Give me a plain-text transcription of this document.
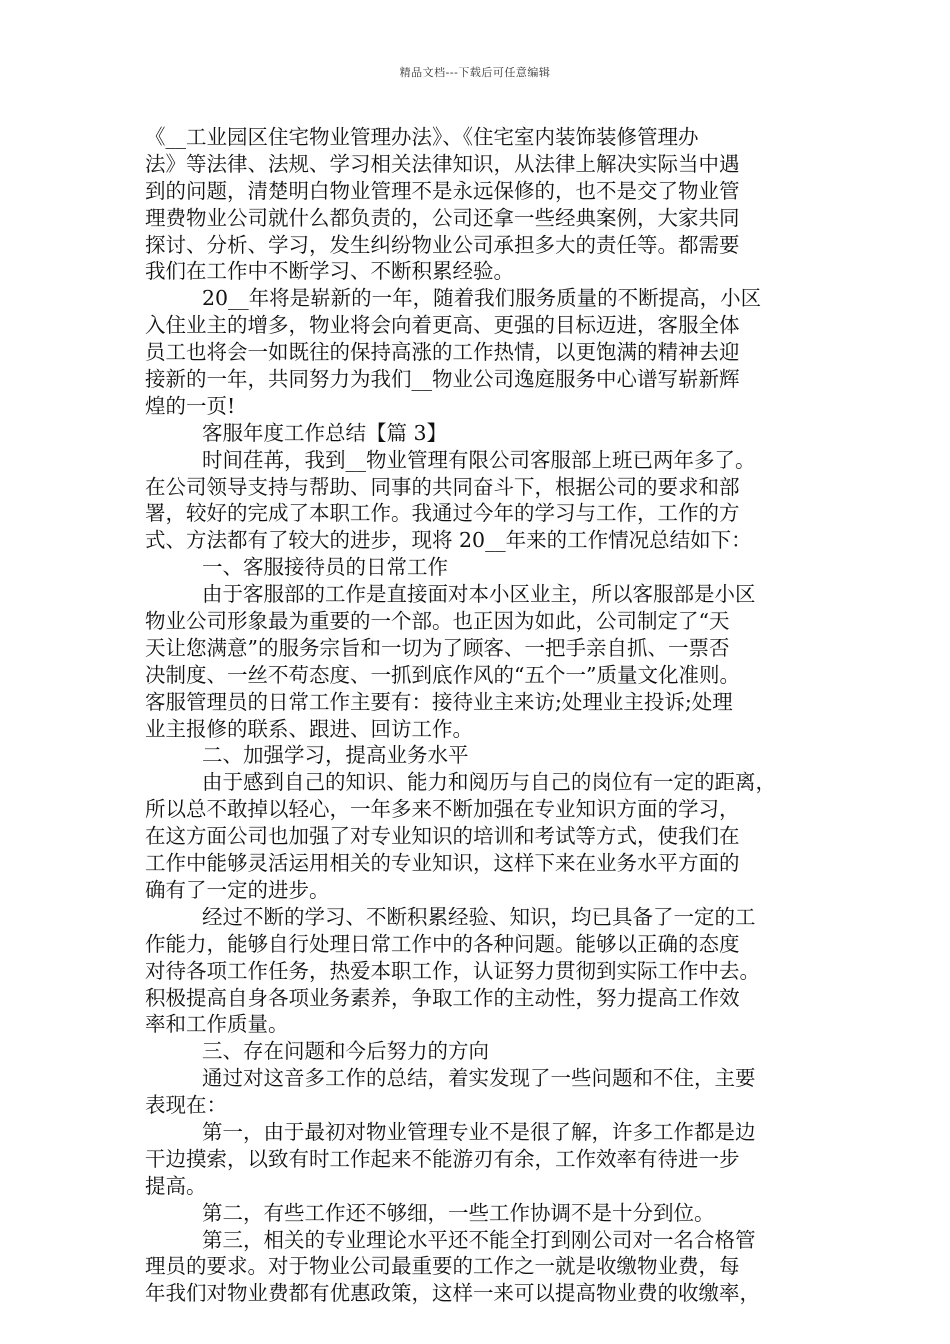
精品文档---下载后可任意编辑
《__工业园区住宅物业管理办法》、《住宅室内装饰装修管理办
法》等法律、法规、学习相关法律知识，从法律上解决实际当中遇
到的问题，清楚明白物业管理不是永远保修的，也不是交了物业管
理费物业公司就什么都负责的，公司还拿一些经典案例，大家共同
探讨、分析、学习，发生纠纷物业公司承担多大的责任等。都需要
我们在工作中不断学习、不断积累经验。
20__年将是崭新的一年，随着我们服务质量的不断提高，小区
入住业主的增多，物业将会向着更高、更强的目标迈进，客服全体
员工也将会一如既往的保持高涨的工作热情，以更饱满的精神去迎
接新的一年，共同努力为我们__物业公司逸庭服务中心谱写崭新辉
煌的一页!
客服年度工作总结【篇 3】
时间荏苒，我到__物业管理有限公司客服部上班已两年多了。
在公司领导支持与帮助、同事的共同奋斗下，根据公司的要求和部
署，较好的完成了本职工作。我通过今年的学习与工作，工作的方
式、方法都有了较大的进步，现将 20__年来的工作情况总结如下：
一、客服接待员的日常工作
由于客服部的工作是直接面对本小区业主，所以客服部是小区
物业公司形象最为重要的一个部。也正因为如此，公司制定了“天
天让您满意”的服务宗旨和一切为了顾客、一把手亲自抓、一票否
决制度、一丝不苟态度、一抓到底作风的“五个一”质量文化准则。
客服管理员的日常工作主要有：接待业主来访;处理业主投诉;处理
业主报修的联系、跟进、回访工作。
二、加强学习，提高业务水平
由于感到自己的知识、能力和阅历与自己的岗位有一定的距离，
所以总不敢掉以轻心，一年多来不断加强在专业知识方面的学习，
在这方面公司也加强了对专业知识的培训和考试等方式，使我们在
工作中能够灵活运用相关的专业知识，这样下来在业务水平方面的
确有了一定的进步。
经过不断的学习、不断积累经验、知识，均已具备了一定的工
作能力，能够自行处理日常工作中的各种问题。能够以正确的态度
对待各项工作任务，热爱本职工作，认证努力贯彻到实际工作中去。
积极提高自身各项业务素养，争取工作的主动性，努力提高工作效
率和工作质量。
三、存在问题和今后努力的方向
通过对这音多工作的总结，着实发现了一些问题和不住，主要
表现在：
第一，由于最初对物业管理专业不是很了解，许多工作都是边
干边摸索，以致有时工作起来不能游刃有余，工作效率有待进一步
提高。
第二，有些工作还不够细，一些工作协调不是十分到位。
第三，相关的专业理论水平还不能全打到刚公司对一名合格管
理员的要求。对于物业公司最重要的工作之一就是收缴物业费，每
年我们对物业费都有优惠政策，这样一来可以提高物业费的收缴率，
